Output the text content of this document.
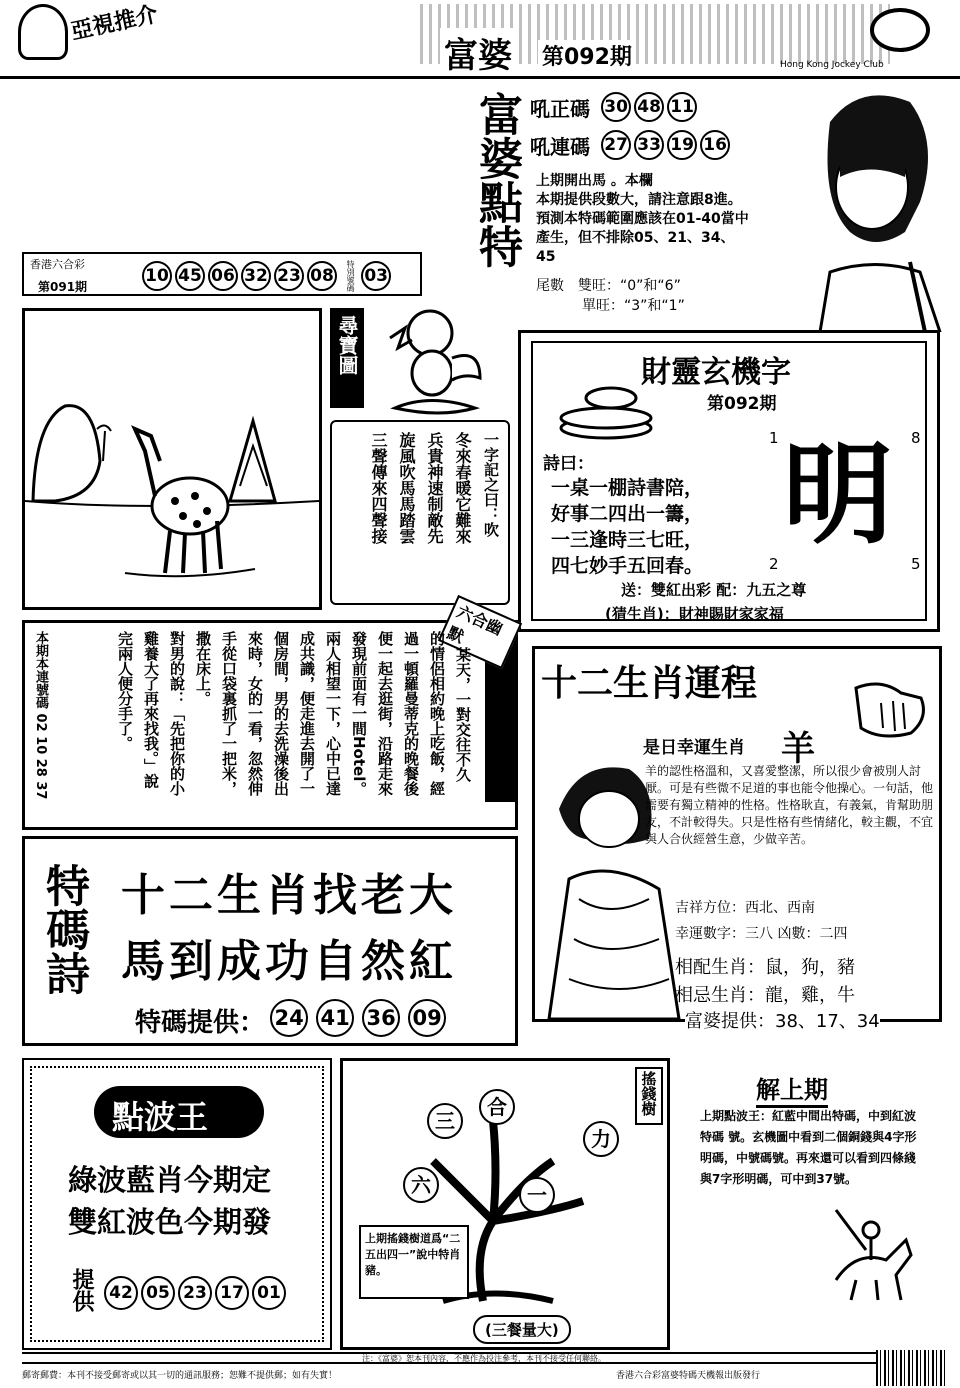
亞視推介
富婆 第092期	Hong Kong Jockey Club
富婆點特 吼正碼 30 48 11
吼連碼 27 33 19 16
上期開出馬 。本欄
本期提供段數大，請注意跟8進。
預測本特碼範圍應該在01-40當中
產生，但不排除05、21、34、
45
尾數 雙旺：“0”和“6”
單旺：“3”和“1”
香港六合彩
第091期
10 45 06 32 23 08 特別號碼 03
尋寶圖
一字記之曰：吹
冬來春暖它難來
兵貴神速制敵先
旋風吹馬馬踏雲
三聲傳來四聲接
財靈玄機字
第092期
詩曰：
一桌一棚詩書陪，
好事二四出一籌，
一三逢時三七旺，
四七妙手五回春。
1	8
明
2	5
送：雙紅出彩 配：九五之尊
(猜生肖)：財神賜財家家福
本期本連號碼 02 10 28 37
六合幽默
某天，一對交往不久
的情侶相約晚上吃飯，經
過一頓羅曼蒂克的晚餐後
便一起去逛街，沿路走來
發現前面有一間Hotel。
兩人相望一下，心中已達
成共識，便走進去開了一
個房間，男的去洗澡後出
來時，女的一看，忽然伸
手從口袋裏抓了一把米，
撒在床上。
對男的說：「先把你的小
雞養大了再來找我。」說
完兩人便分手了。	十二生肖運程
是日幸運生肖 羊
羊的認性格溫和，又喜愛整潔，所以很少會被別人討厭。可是有些微不足道的事也能令他操心。一句話，他需要有獨立精神的性格。性格耿直，有義氣，肯幫助朋友，不計較得失。只是性格有些情緒化，較主觀，不宜與人合伙經營生意，少做辛苦。
吉祥方位：西北、西南
幸運數字：三八 凶數：二四
相配生肖：鼠，狗，豬
相忌生肖：龍，雞，牛
富婆提供：38、17、34
特碼詩 十二生肖找老大
馬到成功自然紅
特碼提供： 24 41 36 09
點波王
綠波藍肖今期定
雙紅波色今期發
提供 42 05 23 17 01
搖錢樹
三
合
力
一
六
上期搖錢樹道爲“二五出四一”說中特肖豬。
(三餐量大)
解上期
上期點波王：紅藍中間出特碼，中到紅波特碼 號。玄機圖中看到二個銅錢與4字形明碼，中號碼號。再來還可以看到四條綫與7字形明碼，可中到37號。
注：《富婆》恕本刊內容，不應作為投注參考，本刊不接受任何聯絡。
郵寄郵費：本刊不接受郵寄或以其一切的通訊服務；恕難不提供郵；如有失實！	香港六合彩富婆特碼天機報出版發行
